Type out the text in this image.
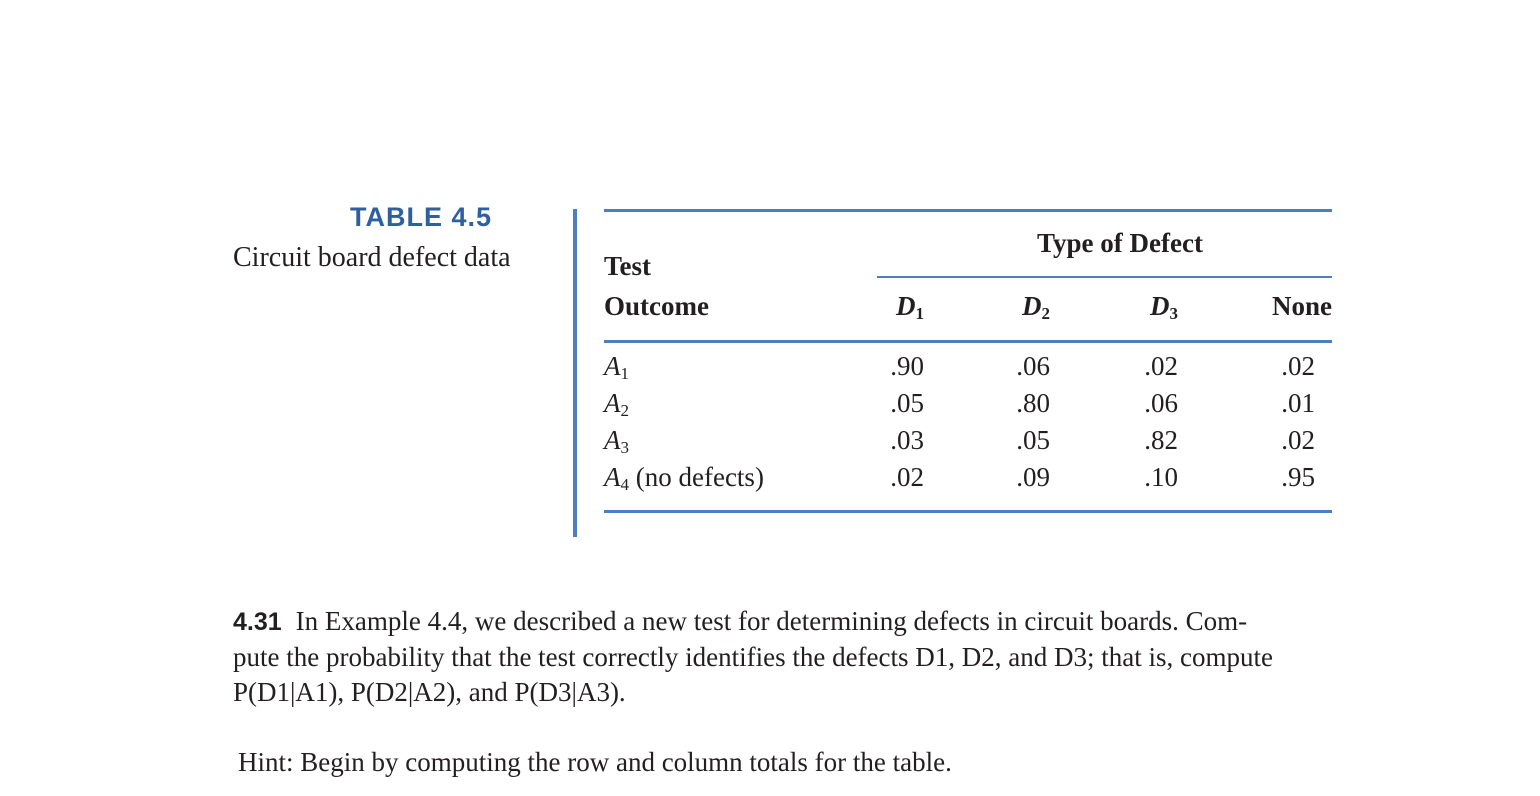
TABLE 4.5
Circuit board defect data	Type of Defect
Test
Outcome	$D_1$	$D_2$	$D_3$	None
$A_1$	.90	.06	.02	.02
$A_2$	.05	.80	.06	.01
$A_3$	.03	.05	.82	.02
$A_4$ (no defects)	.02	.09	.10	.95
4.31 In Example 4.4, we described a new test for determining defects in circuit boards. Com-
pute the probability that the test correctly identifies the defects D1, D2, and D3; that is, compute
P(D1|A1), P(D2|A2), and P(D3|A3).
Hint: Begin by computing the row and column totals for the table.
